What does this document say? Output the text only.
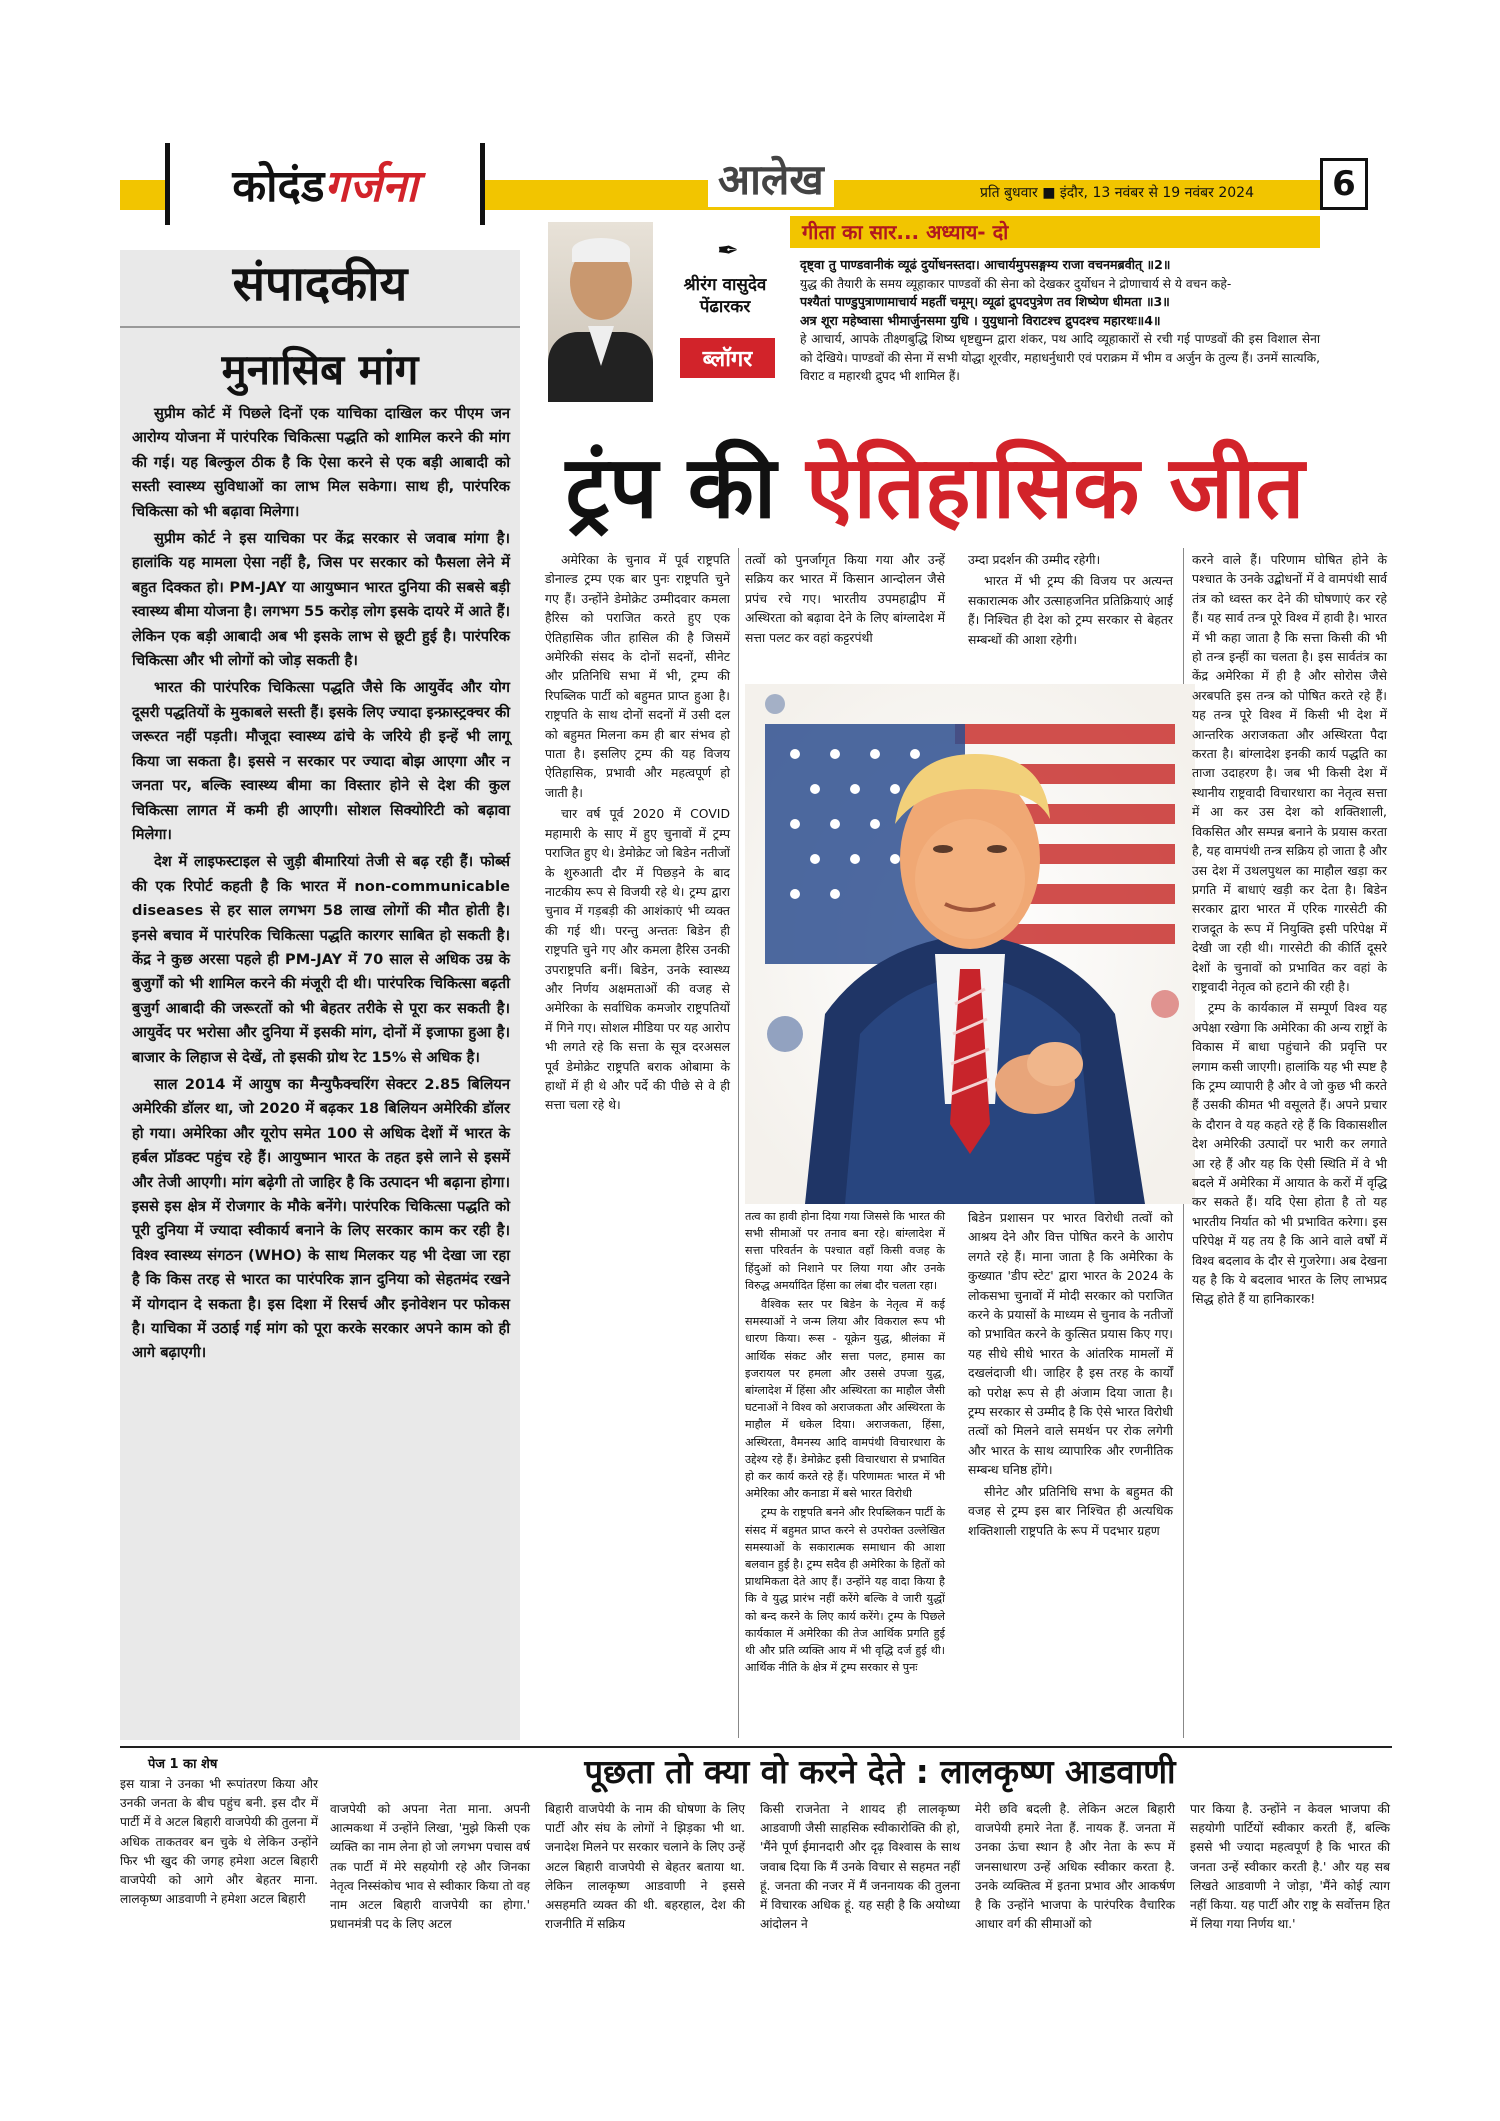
कोदंड गर्जना	आलेख	प्रति बुधवार ■ इंदौर, 13 नवंबर से 19 नवंबर 2024	6
संपादकीय
मुनासिब मांग

सुप्रीम कोर्ट में पिछले दिनों एक याचिका दाखिल कर पीएम जन आरोग्य योजना में पारंपरिक चिकित्सा पद्धति को शामिल करने की मांग की गई। यह बिल्कुल ठीक है कि ऐसा करने से एक बड़ी आबादी को सस्ती स्वास्थ्य सुविधाओं का लाभ मिल सकेगा। साथ ही, पारंपरिक चिकित्सा को भी बढ़ावा मिलेगा।

सुप्रीम कोर्ट ने इस याचिका पर केंद्र सरकार से जवाब मांगा है। हालांकि यह मामला ऐसा नहीं है, जिस पर सरकार को फैसला लेने में बहुत दिक्कत हो। PM-JAY या आयुष्मान भारत दुनिया की सबसे बड़ी स्वास्थ्य बीमा योजना है। लगभग 55 करोड़ लोग इसके दायरे में आते हैं। लेकिन एक बड़ी आबादी अब भी इसके लाभ से छूटी हुई है। पारंपरिक चिकित्सा और भी लोगों को जोड़ सकती है।

भारत की पारंपरिक चिकित्सा पद्धति जैसे कि आयुर्वेद और योग दूसरी पद्धतियों के मुकाबले सस्ती हैं। इसके लिए ज्यादा इन्फ्रास्ट्रक्चर की जरूरत नहीं पड़ती। मौजूदा स्वास्थ्य ढांचे के जरिये ही इन्हें भी लागू किया जा सकता है। इससे न सरकार पर ज्यादा बोझ आएगा और न जनता पर, बल्कि स्वास्थ्य बीमा का विस्तार होने से देश की कुल चिकित्सा लागत में कमी ही आएगी। सोशल सिक्योरिटी को बढ़ावा मिलेगा।

देश में लाइफस्टाइल से जुड़ी बीमारियां तेजी से बढ़ रही हैं। फोर्ब्स की एक रिपोर्ट कहती है कि भारत में non-communicable diseases से हर साल लगभग 58 लाख लोगों की मौत होती है। इनसे बचाव में पारंपरिक चिकित्सा पद्धति कारगर साबित हो सकती है। केंद्र ने कुछ अरसा पहले ही PM-JAY में 70 साल से अधिक उम्र के बुजुर्गों को भी शामिल करने की मंजूरी दी थी। पारंपरिक चिकित्सा बढ़ती बुजुर्ग आबादी की जरूरतों को भी बेहतर तरीके से पूरा कर सकती है। आयुर्वेद पर भरोसा और दुनिया में इसकी मांग, दोनों में इजाफा हुआ है। बाजार के लिहाज से देखें, तो इसकी ग्रोथ रेट 15% से अधिक है।

साल 2014 में आयुष का मैन्युफैक्चरिंग सेक्टर 2.85 बिलियन अमेरिकी डॉलर था, जो 2020 में बढ़कर 18 बिलियन अमेरिकी डॉलर हो गया। अमेरिका और यूरोप समेत 100 से अधिक देशों में भारत के हर्बल प्रॉडक्ट पहुंच रहे हैं। आयुष्मान भारत के तहत इसे लाने से इसमें और तेजी आएगी। मांग बढ़ेगी तो जाहिर है कि उत्पादन भी बढ़ाना होगा। इससे इस क्षेत्र में रोजगार के मौके बनेंगे। पारंपरिक चिकित्सा पद्धति को पूरी दुनिया में ज्यादा स्वीकार्य बनाने के लिए सरकार काम कर रही है। विश्व स्वास्थ्य संगठन (WHO) के साथ मिलकर यह भी देखा जा रहा है कि किस तरह से भारत का पारंपरिक ज्ञान दुनिया को सेहतमंद रखने में योगदान दे सकता है। इस दिशा में रिसर्च और इनोवेशन पर फोकस है। याचिका में उठाई गई मांग को पूरा करके सरकार अपने काम को ही आगे बढ़ाएगी।

✒
श्रीरंग वासुदेव
पेंढारकर
ब्लॉगर
गीता का सार... अध्याय- दो

दृष्ट्वा तु पाण्डवानीकं व्यूढं दुर्योधनस्तदा। आचार्यमुपसङ्गम्य राजा वचनमब्रवीत् ॥2॥

युद्ध की तैयारी के समय व्यूहाकार पाण्डवों की सेना को देखकर दुर्योधन ने द्रोणाचार्य से ये वचन कहे-

पश्यैतां पाण्डुपुत्राणामाचार्य महतीं चमूम्। व्यूढां द्रुपदपुत्रेण तव शिष्येण धीमता ॥3॥

अत्र शूरा महेष्वासा भीमार्जुनसमा युधि । युयुधानो विराटश्च द्रुपदश्च महारथः॥4॥

हे आचार्य, आपके तीक्ष्णबुद्धि शिष्य धृष्टद्युम्न द्वारा शंकर, पथ आदि व्यूहाकारों से रची गई पाण्डवों की इस विशाल सेना को देखिये। पाण्डवों की सेना में सभी योद्धा शूरवीर, महाधर्नुधारी एवं पराक्रम में भीम व अर्जुन के तुल्य हैं। उनमें सात्यकि, विराट व महारथी द्रुपद भी शामिल हैं।

ट्रंप की ऐतिहासिक जीत

अमेरिका के चुनाव में पूर्व राष्ट्रपति डोनाल्ड ट्रम्प एक बार पुनः राष्ट्रपति चुने गए हैं। उन्होंने डेमोक्रेट उम्मीदवार कमला हैरिस को पराजित करते हुए एक ऐतिहासिक जीत हासिल की है जिसमें अमेरिकी संसद के दोनों सदनों, सीनेट और प्रतिनिधि सभा में भी, ट्रम्प की रिपब्लिक पार्टी को बहुमत प्राप्त हुआ है। राष्ट्रपति के साथ दोनों सदनों में उसी दल को बहुमत मिलना कम ही बार संभव हो पाता है। इसलिए ट्रम्प की यह विजय ऐतिहासिक, प्रभावी और महत्वपूर्ण हो जाती है।

चार वर्ष पूर्व 2020 में COVID महामारी के साए में हुए चुनावों में ट्रम्प पराजित हुए थे। डेमोक्रेट जो बिडेन नतीजों के शुरुआती दौर में पिछड़ने के बाद नाटकीय रूप से विजयी रहे थे। ट्रम्प द्वारा चुनाव में गड़बड़ी की आशंकाएं भी व्यक्त की गई थी। परन्तु अन्ततः बिडेन ही राष्ट्रपति चुने गए और कमला हैरिस उनकी उपराष्ट्रपति बनीं। बिडेन, उनके स्वास्थ्य और निर्णय अक्षमताओं की वजह से अमेरिका के सर्वाधिक कमजोर राष्ट्रपतियों में गिने गए। सोशल मीडिया पर यह आरोप भी लगते रहे कि सत्ता के सूत्र दरअसल पूर्व डेमोक्रेट राष्ट्रपति बराक ओबामा के हाथों में ही थे और पर्दे की पीछे से वे ही सत्ता चला रहे थे।

तत्वों को पुनर्जागृत किया गया और उन्हें सक्रिय कर भारत में किसान आन्दोलन जैसे प्रपंच रचे गए। भारतीय उपमहाद्वीप में अस्थिरता को बढ़ावा देने के लिए बांग्लादेश में सत्ता पलट कर वहां कट्टरपंथी

उम्दा प्रदर्शन की उम्मीद रहेगी।

भारत में भी ट्रम्प की विजय पर अत्यन्त सकारात्मक और उत्साहजनित प्रतिक्रियाएं आई हैं। निश्चित ही देश को ट्रम्प सरकार से बेहतर सम्बन्धों की आशा रहेगी।

तत्व का हावी होना दिया गया जिससे कि भारत की सभी सीमाओं पर तनाव बना रहे। बांग्लादेश में सत्ता परिवर्तन के पश्चात वहाँ किसी वजह के हिंदुओं को निशाने पर लिया गया और उनके विरुद्ध अमर्यादित हिंसा का लंबा दौर चलता रहा।

वैश्विक स्तर पर बिडेन के नेतृत्व में कई समस्याओं ने जन्म लिया और विकराल रूप भी धारण किया। रूस - यूक्रेन युद्ध, श्रीलंका में आर्थिक संकट और सत्ता पलट, हमास का इजरायल पर हमला और उससे उपजा युद्ध, बांग्लादेश में हिंसा और अस्थिरता का माहौल जैसी घटनाओं ने विश्व को अराजकता और अस्थिरता के माहौल में धकेल दिया। अराजकता, हिंसा, अस्थिरता, वैमनस्य आदि वामपंथी विचारधारा के उद्देश्य रहे हैं। डेमोक्रेट इसी विचारधारा से प्रभावित हो कर कार्य करते रहे हैं। परिणामतः भारत में भी अमेरिका और कनाडा में बसे भारत विरोधी

ट्रम्प के राष्ट्रपति बनने और रिपब्लिकन पार्टी के संसद में बहुमत प्राप्त करने से उपरोक्त उल्लेखित समस्याओं के सकारात्मक समाधान की आशा बलवान हुई है। ट्रम्प सदैव ही अमेरिका के हितों को प्राथमिकता देते आए हैं। उन्होंने यह वादा किया है कि वे युद्ध प्रारंभ नहीं करेंगे बल्कि वे जारी युद्धों को बन्द करने के लिए कार्य करेंगे। ट्रम्प के पिछले कार्यकाल में अमेरिका की तेज आर्थिक प्रगति हुई थी और प्रति व्यक्ति आय में भी वृद्धि दर्ज हुई थी। आर्थिक नीति के क्षेत्र में ट्रम्प सरकार से पुनः

बिडेन प्रशासन पर भारत विरोधी तत्वों को आश्रय देने और वित्त पोषित करने के आरोप लगते रहे हैं। माना जाता है कि अमेरिका के कुख्यात 'डीप स्टेट' द्वारा भारत के 2024 के लोकसभा चुनावों में मोदी सरकार को पराजित करने के प्रयासों के माध्यम से चुनाव के नतीजों को प्रभावित करने के कुत्सित प्रयास किए गए। यह सीधे सीधे भारत के आंतरिक मामलों में दखलंदाजी थी। जाहिर है इस तरह के कार्यों को परोक्ष रूप से ही अंजाम दिया जाता है। ट्रम्प सरकार से उम्मीद है कि ऐसे भारत विरोधी तत्वों को मिलने वाले समर्थन पर रोक लगेगी और भारत के साथ व्यापारिक और रणनीतिक सम्बन्ध घनिष्ठ होंगे।

सीनेट और प्रतिनिधि सभा के बहुमत की वजह से ट्रम्प इस बार निश्चित ही अत्यधिक शक्तिशाली राष्ट्रपति के रूप में पदभार ग्रहण

करने वाले हैं। परिणाम घोषित होने के पश्चात के उनके उद्बोधनों में वे वामपंथी सार्व तंत्र को ध्वस्त कर देने की घोषणाएं कर रहे हैं। यह सार्व तन्त्र पूरे विश्व में हावी है। भारत में भी कहा जाता है कि सत्ता किसी की भी हो तन्त्र इन्हीं का चलता है। इस सार्वतंत्र का केंद्र अमेरिका में ही है और सोरोस जैसे अरबपति इस तन्त्र को पोषित करते रहे हैं। यह तन्त्र पूरे विश्व में किसी भी देश में आन्तरिक अराजकता और अस्थिरता पैदा करता है। बांग्लादेश इनकी कार्य पद्धति का ताजा उदाहरण है। जब भी किसी देश में स्थानीय राष्ट्रवादी विचारधारा का नेतृत्व सत्ता में आ कर उस देश को शक्तिशाली, विकसित और सम्पन्न बनाने के प्रयास करता है, यह वामपंथी तन्त्र सक्रिय हो जाता है और उस देश में उथलपुथल का माहौल खड़ा कर प्रगति में बाधाएं खड़ी कर देता है। बिडेन सरकार द्वारा भारत में एरिक गारसेटी की राजदूत के रूप में नियुक्ति इसी परिपेक्ष में देखी जा रही थी। गारसेटी की कीर्ति दूसरे देशों के चुनावों को प्रभावित कर वहां के राष्ट्रवादी नेतृत्व को हटाने की रही है।

ट्रम्प के कार्यकाल में सम्पूर्ण विश्व यह अपेक्षा रखेगा कि अमेरिका की अन्य राष्ट्रों के विकास में बाधा पहुंचाने की प्रवृत्ति पर लगाम कसी जाएगी। हालांकि यह भी स्पष्ट है कि ट्रम्प व्यापारी है और वे जो कुछ भी करते हैं उसकी कीमत भी वसूलते हैं। अपने प्रचार के दौरान वे यह कहते रहे हैं कि विकासशील देश अमेरिकी उत्पादों पर भारी कर लगाते आ रहे हैं और यह कि ऐसी स्थिति में वे भी बदले में अमेरिका में आयात के करों में वृद्धि कर सकते हैं। यदि ऐसा होता है तो यह भारतीय निर्यात को भी प्रभावित करेगा। इस परिपेक्ष में यह तय है कि आने वाले वर्षों में विश्व बदलाव के दौर से गुजरेगा। अब देखना यह है कि ये बदलाव भारत के लिए लाभप्रद सिद्ध होते हैं या हानिकारक!

पेज 1 का शेष	पूछता तो क्या वो करने देते : लालकृष्ण आडवाणी
इस यात्रा ने उनका भी रूपांतरण किया और उनकी जनता के बीच पहुंच बनी. इस दौर में पार्टी में वे अटल बिहारी वाजपेयी की तुलना में अधिक ताकतवर बन चुके थे लेकिन उन्होंने फिर भी खुद की जगह हमेशा अटल बिहारी वाजपेयी को आगे और बेहतर माना. लालकृष्ण आडवाणी ने हमेशा अटल बिहारी
वाजपेयी को अपना नेता माना. अपनी आत्मकथा में उन्होंने लिखा, 'मुझे किसी एक व्यक्ति का नाम लेना हो जो लगभग पचास वर्ष तक पार्टी में मेरे सहयोगी रहे और जिनका नेतृत्व निस्संकोच भाव से स्वीकार किया तो वह नाम अटल बिहारी वाजपेयी का होगा.' प्रधानमंत्री पद के लिए अटल
बिहारी वाजपेयी के नाम की घोषणा के लिए पार्टी और संघ के लोगों ने झिड़का भी था. जनादेश मिलने पर सरकार चलाने के लिए उन्हें अटल बिहारी वाजपेयी से बेहतर बताया था. लेकिन लालकृष्ण आडवाणी ने इससे असहमति व्यक्त की थी. बहरहाल, देश की राजनीति में सक्रिय
किसी राजनेता ने शायद ही लालकृष्ण आडवाणी जैसी साहसिक स्वीकारोक्ति की हो, 'मैंने पूर्ण ईमानदारी और दृढ़ विश्वास के साथ जवाब दिया कि मैं उनके विचार से सहमत नहीं हूं. जनता की नजर में मैं जननायक की तुलना में विचारक अधिक हूं. यह सही है कि अयोध्या आंदोलन ने
मेरी छवि बदली है. लेकिन अटल बिहारी वाजपेयी हमारे नेता हैं. नायक हैं. जनता में उनका ऊंचा स्थान है और नेता के रूप में जनसाधारण उन्हें अधिक स्वीकार करता है. उनके व्यक्तित्व में इतना प्रभाव और आकर्षण है कि उन्होंने भाजपा के पारंपरिक वैचारिक आधार वर्ग की सीमाओं को
पार किया है. उन्होंने न केवल भाजपा की सहयोगी पार्टियों स्वीकार करती हैं, बल्कि इससे भी ज्यादा महत्वपूर्ण है कि भारत की जनता उन्हें स्वीकार करती है.' और यह सब लिखते आडवाणी ने जोड़ा, 'मैंने कोई त्याग नहीं किया. यह पार्टी और राष्ट्र के सर्वोत्तम हित में लिया गया निर्णय था.'
